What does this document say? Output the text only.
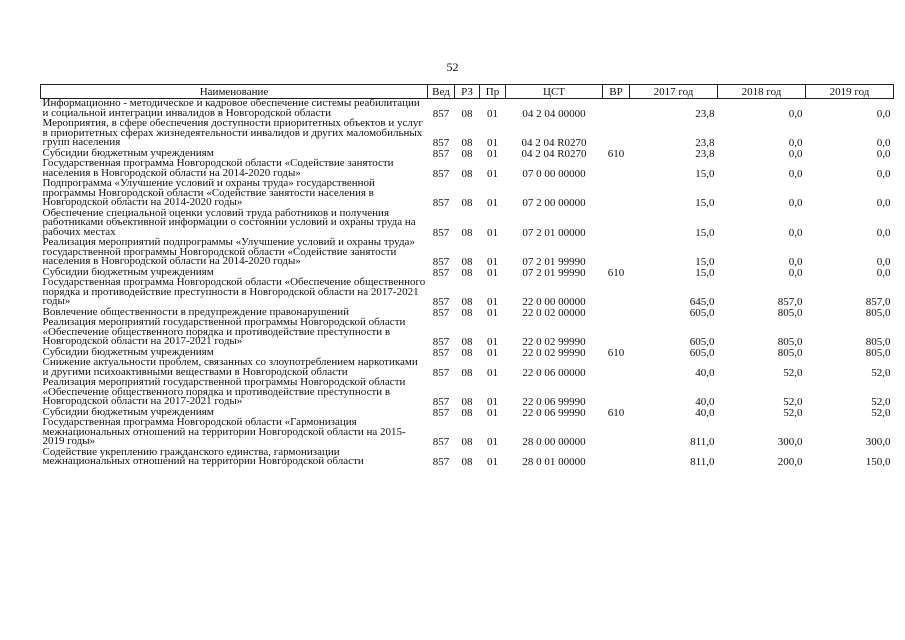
52
Наименование	Вед	РЗ	Пр	ЦСТ	ВР	2017 год	2018 год	2019 год
Информационно - методическое и кадровое обеспечение системы реабилитации и социальной интеграции инвалидов в Новгородской области	857	08	01	04 2 04 00000		23,8	0,0	0,0
Мероприятия, в сфере обеспечения доступности приоритетных объектов и услуг в приоритетных сферах жизнедеятельности инвалидов и других маломобильных групп населения	857	08	01	04 2 04 R0270		23,8	0,0	0,0
Субсидии бюджетным учреждениям	857	08	01	04 2 04 R0270	610	23,8	0,0	0,0
Государственная программа Новгородской области «Содействие занятости населения в Новгородской области на 2014-2020 годы»	857	08	01	07 0 00 00000		15,0	0,0	0,0
Подпрограмма «Улучшение условий и охраны труда» государственной программы Новгородской области «Содействие занятости населения в Новгородской области на 2014-2020 годы»	857	08	01	07 2 00 00000		15,0	0,0	0,0
Обеспечение специальной оценки условий труда работников и получения работниками объективной информации о состоянии условий и охраны труда на рабочих местах	857	08	01	07 2 01 00000		15,0	0,0	0,0
Реализация мероприятий подпрограммы «Улучшение условий и охраны труда» государственной программы Новгородской области «Содействие занятости населения в Новгородской области на 2014-2020 годы»	857	08	01	07 2 01 99990		15,0	0,0	0,0
Субсидии бюджетным учреждениям	857	08	01	07 2 01 99990	610	15,0	0,0	0,0
Государственная программа Новгородской области «Обеспечение общественного порядка и противодействие преступности в Новгородской области на 2017-2021 годы»	857	08	01	22 0 00 00000		645,0	857,0	857,0
Вовлечение общественности в предупреждение правонарушений	857	08	01	22 0 02 00000		605,0	805,0	805,0
Реализация мероприятий государственной программы Новгородской области «Обеспечение общественного порядка и противодействие преступности в Новгородской области на 2017-2021 годы»	857	08	01	22 0 02 99990		605,0	805,0	805,0
Субсидии бюджетным учреждениям	857	08	01	22 0 02 99990	610	605,0	805,0	805,0
Снижение актуальности проблем, связанных со злоупотреблением наркотиками и другими психоактивными веществами в Новгородской области	857	08	01	22 0 06 00000		40,0	52,0	52,0
Реализация мероприятий государственной программы Новгородской области «Обеспечение общественного порядка и противодействие преступности в Новгородской области на 2017-2021 годы»	857	08	01	22 0 06 99990		40,0	52,0	52,0
Субсидии бюджетным учреждениям	857	08	01	22 0 06 99990	610	40,0	52,0	52,0
Государственная программа Новгородской области «Гармонизация межнациональных отношений на территории Новгородской области на 2015-2019 годы»	857	08	01	28 0 00 00000		811,0	300,0	300,0
Содействие укреплению гражданского единства, гармонизации межнациональных отношений на территории Новгородской области	857	08	01	28 0 01 00000		811,0	200,0	150,0
